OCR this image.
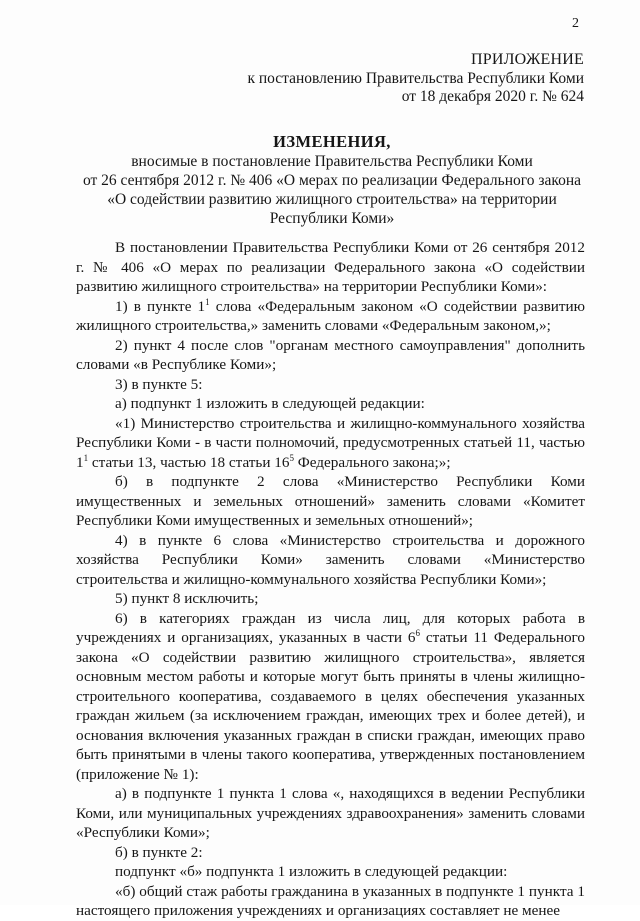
2
ПРИЛОЖЕНИЕ
к постановлению Правительства Республики Коми
от 18 декабря 2020 г. № 624
ИЗМЕНЕНИЯ,
вносимые в постановление Правительства Республики Коми
от 26 сентября 2012 г. № 406 «О мерах по реализации Федерального закона
«О содействии развитию жилищного строительства» на территории
Республики Коми»

В постановлении Правительства Республики Коми от 26 сентября 2012 г. № 406 «О мерах по реализации Федерального закона «О содействии развитию жилищного строительства» на территории Республики Коми»:

1) в пункте $1^1$ слова «Федеральным законом «О содействии развитию жилищного строительства,» заменить словами «Федеральным законом,»;

2) пункт 4 после слов "органам местного самоуправления" дополнить словами «в Республике Коми»;

3) в пункте 5:

а) подпункт 1 изложить в следующей редакции:

«1) Министерство строительства и жилищно-коммунального хозяйства Республики Коми - в части полномочий, предусмотренных статьей 11, частью $1^1$ статьи 13, частью 18 статьи $16^5$ Федерального закона;»;

б) в подпункте 2 слова «Министерство Республики Коми имущественных и земельных отношений» заменить словами «Комитет Республики Коми имущественных и земельных отношений»;

4) в пункте 6 слова «Министерство строительства и дорожного хозяйства Республики Коми» заменить словами «Министерство строительства и жилищно-коммунального хозяйства Республики Коми»;

5) пункт 8 исключить;

6) в категориях граждан из числа лиц, для которых работа в учреждениях и организациях, указанных в части $6^6$ статьи 11 Федерального закона «О содействии развитию жилищного строительства», является основным местом работы и которые могут быть приняты в члены жилищно-строительного кооператива, создаваемого в целях обеспечения указанных граждан жильем (за исключением граждан, имеющих трех и более детей), и основания включения указанных граждан в списки граждан, имеющих право быть принятыми в члены такого кооператива, утвержденных постановлением (приложение № 1):

а) в подпункте 1 пункта 1 слова «, находящихся в ведении Республики Коми, или муниципальных учреждениях здравоохранения» заменить словами «Республики Коми»;

б) в пункте 2:

подпункт «б» подпункта 1 изложить в следующей редакции:

«б) общий стаж работы гражданина в указанных в подпункте 1 пункта 1 настоящего приложения учреждениях и организациях составляет не менее
